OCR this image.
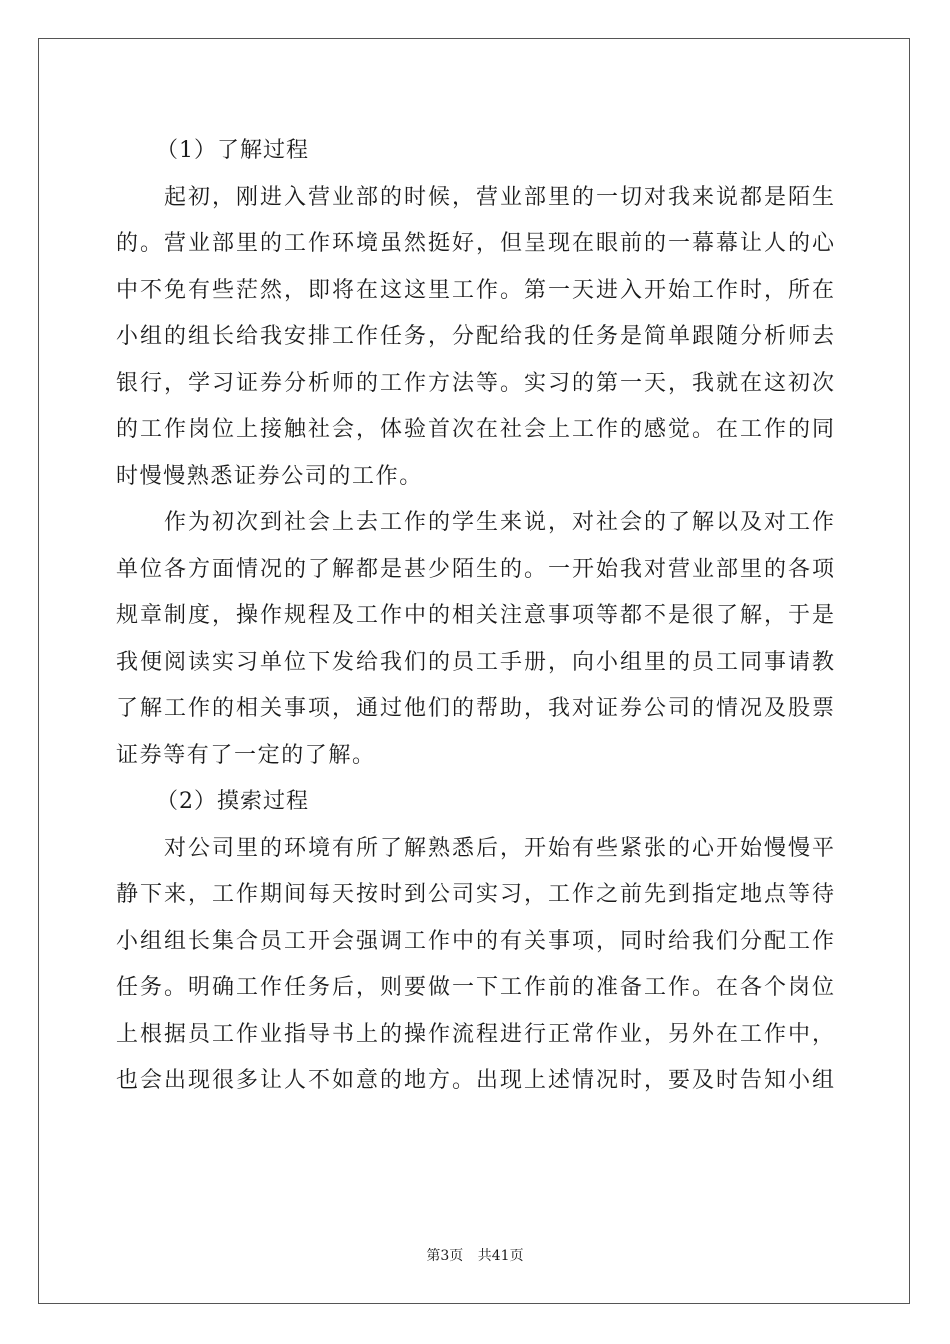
（1）了解过程
起初，刚进入营业部的时候，营业部里的一切对我来说都是陌生
的。营业部里的工作环境虽然挺好，但呈现在眼前的一幕幕让人的心
中不免有些茫然，即将在这这里工作。第一天进入开始工作时，所在
小组的组长给我安排工作任务，分配给我的任务是简单跟随分析师去
银行，学习证券分析师的工作方法等。实习的第一天，我就在这初次
的工作岗位上接触社会，体验首次在社会上工作的感觉。在工作的同
时慢慢熟悉证券公司的工作。
作为初次到社会上去工作的学生来说，对社会的了解以及对工作
单位各方面情况的了解都是甚少陌生的。一开始我对营业部里的各项
规章制度，操作规程及工作中的相关注意事项等都不是很了解，于是
我便阅读实习单位下发给我们的员工手册，向小组里的员工同事请教
了解工作的相关事项，通过他们的帮助，我对证券公司的情况及股票
证券等有了一定的了解。
（2）摸索过程
对公司里的环境有所了解熟悉后，开始有些紧张的心开始慢慢平
静下来，工作期间每天按时到公司实习，工作之前先到指定地点等待
小组组长集合员工开会强调工作中的有关事项，同时给我们分配工作
任务。明确工作任务后，则要做一下工作前的准备工作。在各个岗位
上根据员工作业指导书上的操作流程进行正常作业，另外在工作中，
也会出现很多让人不如意的地方。出现上述情况时，要及时告知小组
第3页 共41页
